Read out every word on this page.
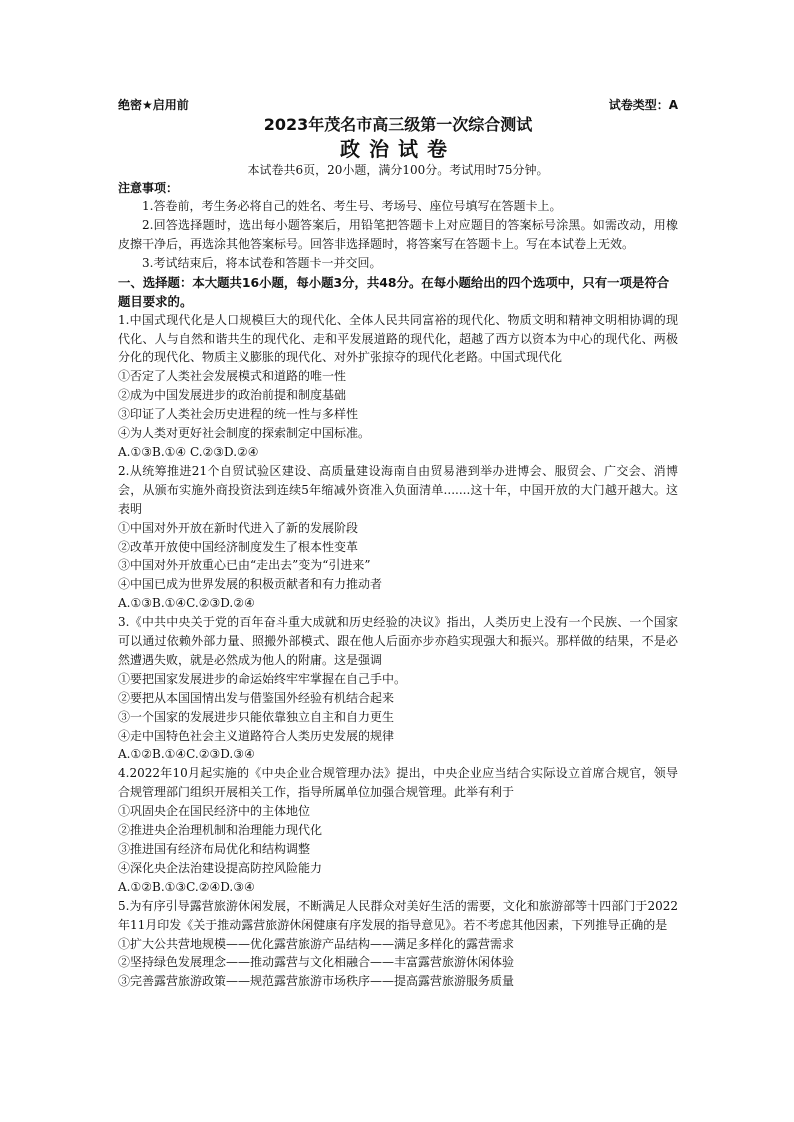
绝密★启用前	试卷类型：A
2023年茂名市高三级第一次综合测试
政治试卷
本试卷共6页，20小题，满分100分。考试用时75分钟。
注意事项：

1.答卷前，考生务必将自己的姓名、考生号、考场号、座位号填写在答题卡上。

2.回答选择题时，选出每小题答案后，用铅笔把答题卡上对应题目的答案标号涂黑。如需改动，用橡皮擦干净后，再选涂其他答案标号。回答非选择题时，将答案写在答题卡上。写在本试卷上无效。

3.考试结束后，将本试卷和答题卡一并交回。

一、选择题：本大题共16小题，每小题3分，共48分。在每小题给出的四个选项中，只有一项是符合题目要求的。

1.中国式现代化是人口规模巨大的现代化、全体人民共同富裕的现代化、物质文明和精神文明相协调的现代化、人与自然和谐共生的现代化、走和平发展道路的现代化，超越了西方以资本为中心的现代化、两极分化的现代化、物质主义膨胀的现代化、对外扩张掠夺的现代化老路。中国式现代化

①否定了人类社会发展模式和道路的唯一性

②成为中国发展进步的政治前提和制度基础

③印证了人类社会历史进程的统一性与多样性

④为人类对更好社会制度的探索制定中国标准。

A.①③B.①④ C.②③D.②④

2.从统筹推进21个自贸试验区建设、高质量建设海南自由贸易港到举办进博会、服贸会、广交会、消博会，从颁布实施外商投资法到连续5年缩减外资准入负面清单.......这十年，中国开放的大门越开越大。这表明

①中国对外开放在新时代进入了新的发展阶段

②改革开放使中国经济制度发生了根本性变革

③中国对外开放重心已由“走出去”变为“引进来”

④中国已成为世界发展的积极贡献者和有力推动者

A.①③B.①④C.②③D.②④

3.《中共中央关于党的百年奋斗重大成就和历史经验的决议》指出，人类历史上没有一个民族、一个国家可以通过依赖外部力量、照搬外部模式、跟在他人后面亦步亦趋实现强大和振兴。那样做的结果，不是必然遭遇失败，就是必然成为他人的附庸。这是强调

①要把国家发展进步的命运始终牢牢掌握在自己手中。

②要把从本国国情出发与借鉴国外经验有机结合起来

③一个国家的发展进步只能依靠独立自主和自力更生

④走中国特色社会主义道路符合人类历史发展的规律

A.①②B.①④C.②③D.③④

4.2022年10月起实施的《中央企业合规管理办法》提出，中央企业应当结合实际设立首席合规官，领导合规管理部门组织开展相关工作，指导所属单位加强合规管理。此举有利于

①巩固央企在国民经济中的主体地位

②推进央企治理机制和治理能力现代化

③推进国有经济布局优化和结构调整

④深化央企法治建设提高防控风险能力

A.①②B.①③C.②④D.③④

5.为有序引导露营旅游休闲发展，不断满足人民群众对美好生活的需要，文化和旅游部等十四部门于2022年11月印发《关于推动露营旅游休闲健康有序发展的指导意见》。若不考虑其他因素，下列推导正确的是

①扩大公共营地规模——优化露营旅游产品结构——满足多样化的露营需求

②坚持绿色发展理念——推动露营与文化相融合——丰富露营旅游休闲体验

③完善露营旅游政策——规范露营旅游市场秩序——提高露营旅游服务质量
